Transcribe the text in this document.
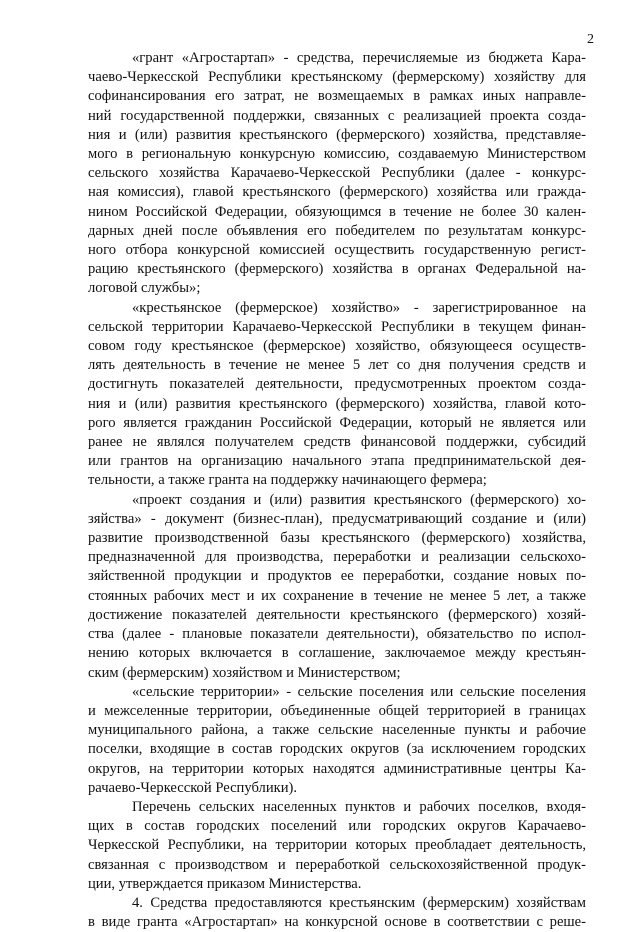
2
«грант «Агростартап» - средства, перечисляемые из бюджета Кара-
чаево-Черкесской Республики крестьянскому (фермерскому) хозяйству для
софинансирования его затрат, не возмещаемых в рамках иных направле-
ний государственной поддержки, связанных с реализацией проекта созда-
ния и (или) развития крестьянского (фермерского) хозяйства, представляе-
мого в региональную конкурсную комиссию, создаваемую Министерством
сельского хозяйства Карачаево-Черкесской Республики (далее - конкурс-
ная комиссия), главой крестьянского (фермерского) хозяйства или гражда-
нином Российской Федерации, обязующимся в течение не более 30 кален-
дарных дней после объявления его победителем по результатам конкурс-
ного отбора конкурсной комиссией осуществить государственную регист-
рацию крестьянского (фермерского) хозяйства в органах Федеральной на-
логовой службы»;
«крестьянское (фермерское) хозяйство» - зарегистрированное на
сельской территории Карачаево-Черкесской Республики в текущем финан-
совом году крестьянское (фермерское) хозяйство, обязующееся осуществ-
лять деятельность в течение не менее 5 лет со дня получения средств и
достигнуть показателей деятельности, предусмотренных проектом созда-
ния и (или) развития крестьянского (фермерского) хозяйства, главой кото-
рого является гражданин Российской Федерации, который не является или
ранее не являлся получателем средств финансовой поддержки, субсидий
или грантов на организацию начального этапа предпринимательской дея-
тельности, а также гранта на поддержку начинающего фермера;
«проект создания и (или) развития крестьянского (фермерского) хо-
зяйства» - документ (бизнес-план), предусматривающий создание и (или)
развитие производственной базы крестьянского (фермерского) хозяйства,
предназначенной для производства, переработки и реализации сельскохо-
зяйственной продукции и продуктов ее переработки, создание новых по-
стоянных рабочих мест и их сохранение в течение не менее 5 лет, а также
достижение показателей деятельности крестьянского (фермерского) хозяй-
ства (далее - плановые показатели деятельности), обязательство по испол-
нению которых включается в соглашение, заключаемое между крестьян-
ским (фермерским) хозяйством и Министерством;
«сельские территории» - сельские поселения или сельские поселения
и межселенные территории, объединенные общей территорией в границах
муниципального района, а также сельские населенные пункты и рабочие
поселки, входящие в состав городских округов (за исключением городских
округов, на территории которых находятся административные центры Ка-
рачаево-Черкесской Республики).
Перечень сельских населенных пунктов и рабочих поселков, входя-
щих в состав городских поселений или городских округов Карачаево-
Черкесской Республики, на территории которых преобладает деятельность,
связанная с производством и переработкой сельскохозяйственной продук-
ции, утверждается приказом Министерства.
4. Средства предоставляются крестьянским (фермерским) хозяйствам
в виде гранта «Агростартап» на конкурсной основе в соответствии с реше-
